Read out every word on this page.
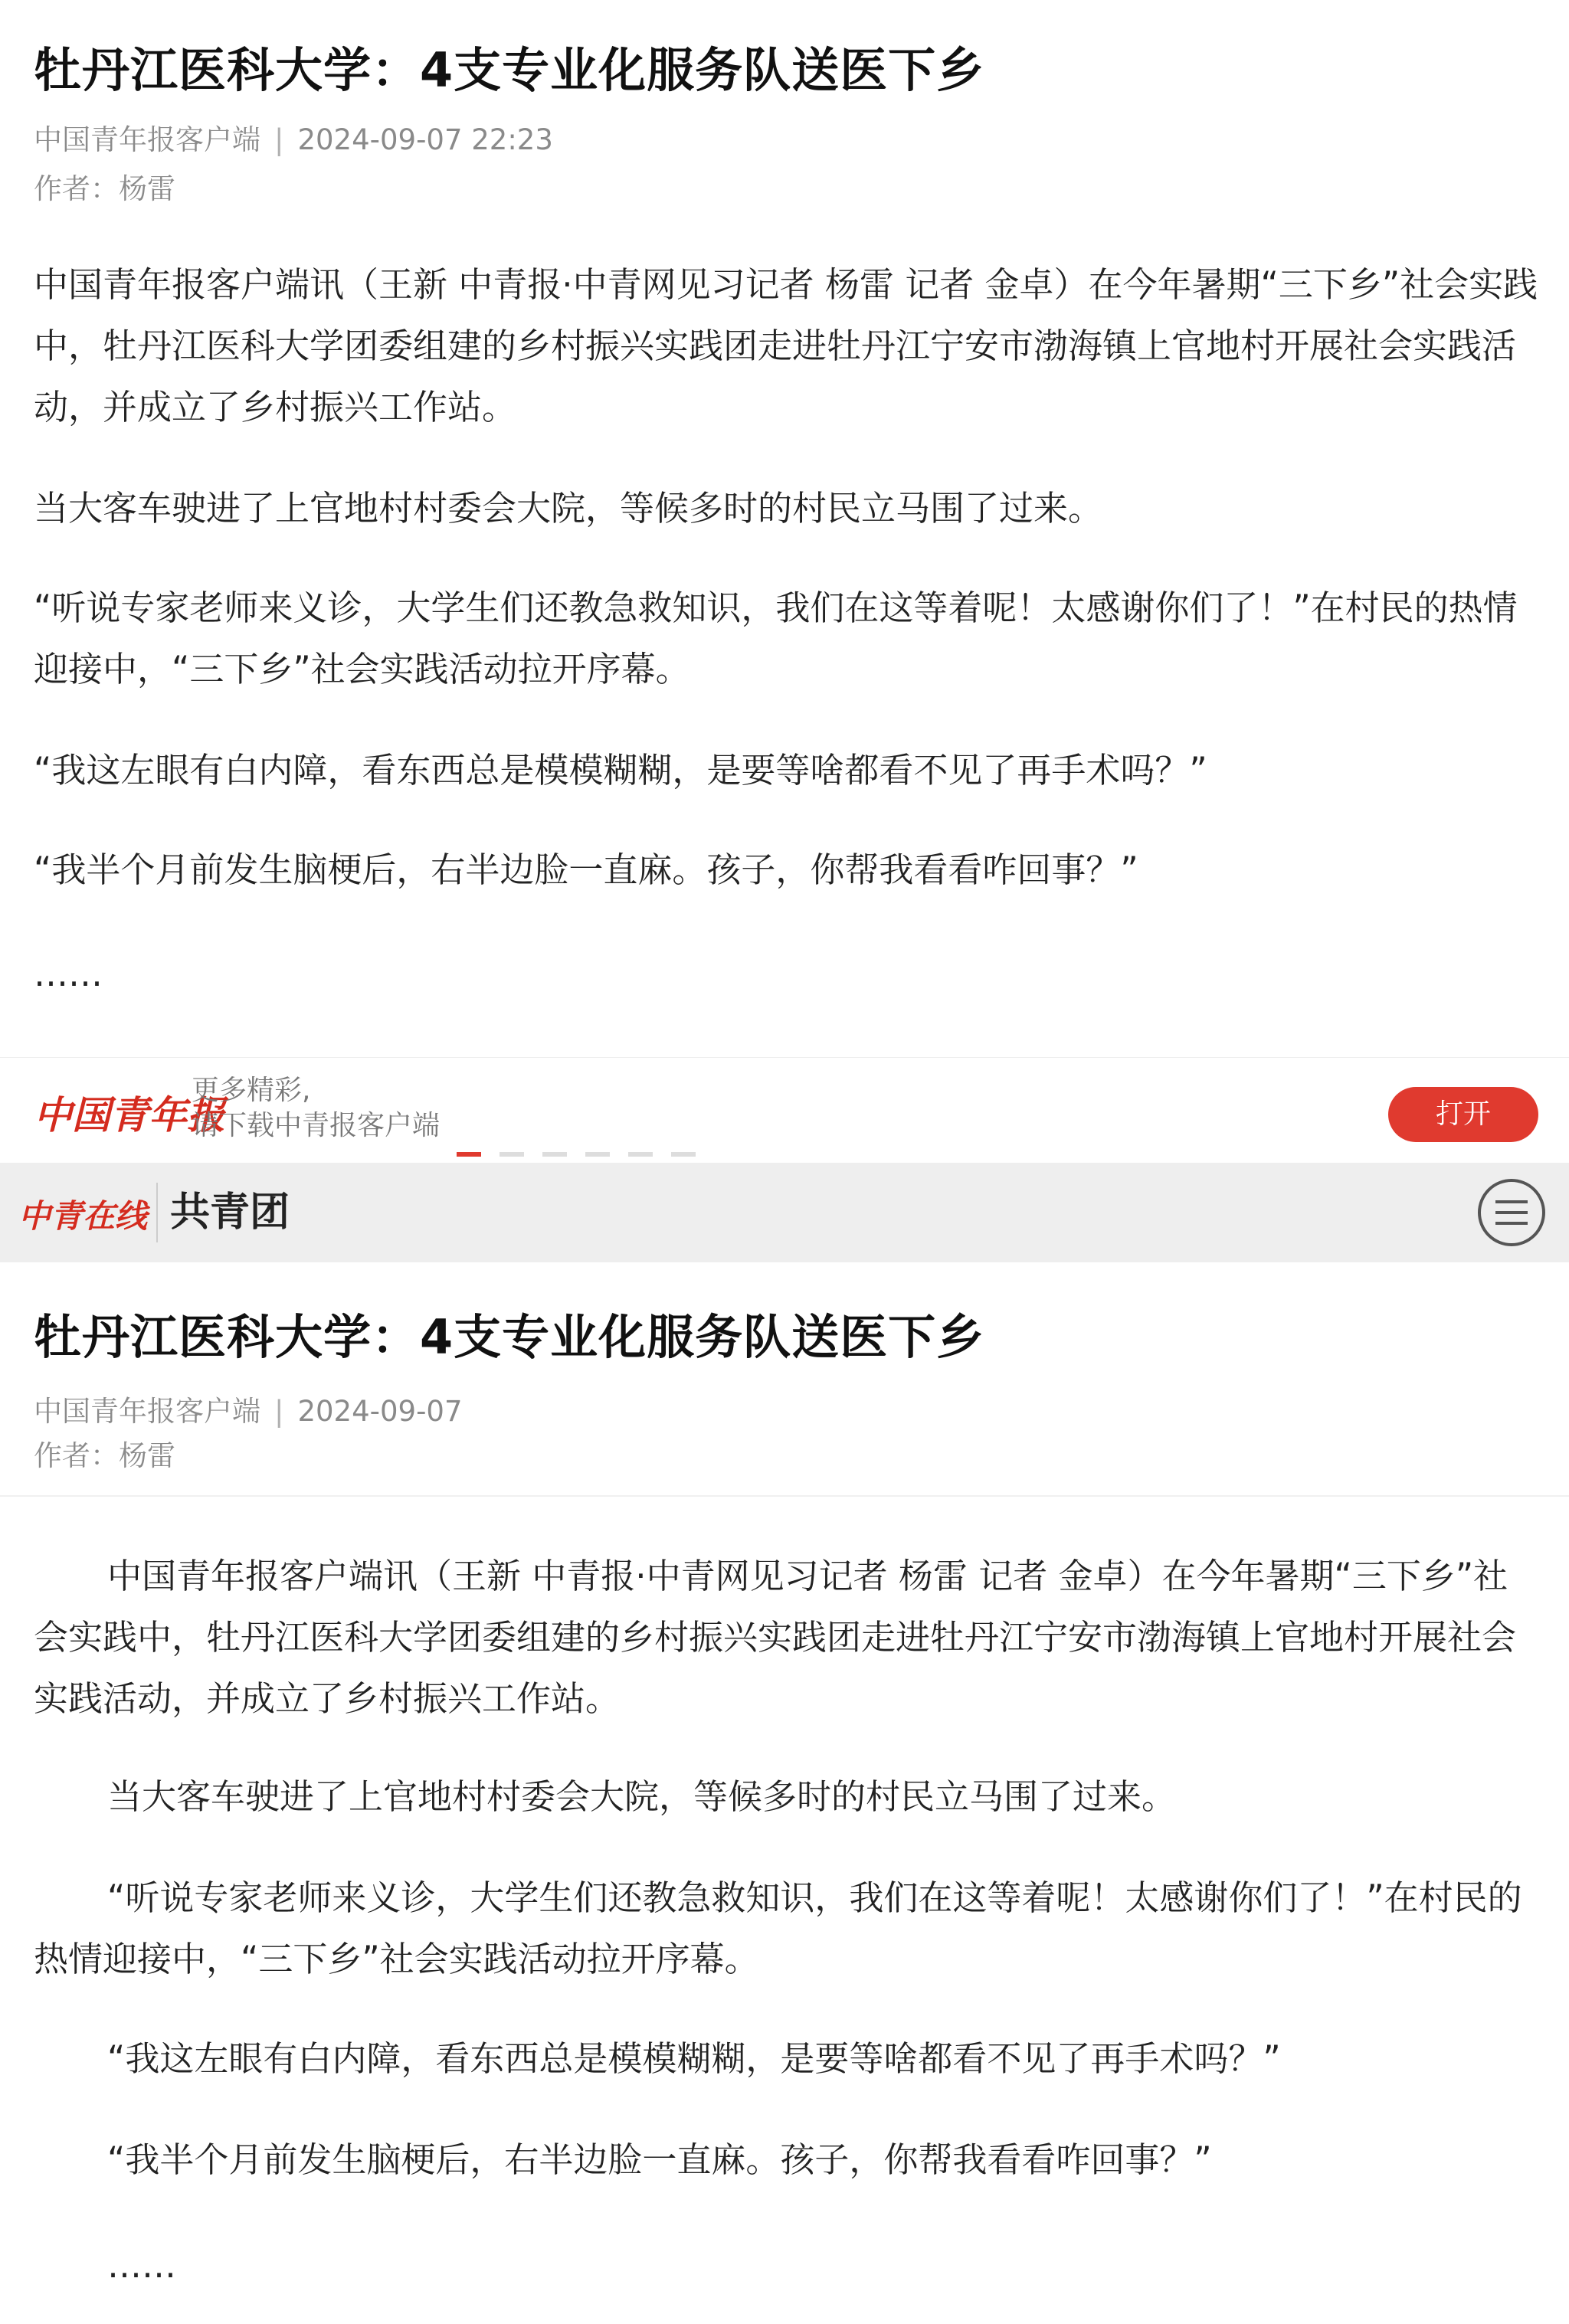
牡丹江医科大学：4支专业化服务队送医下乡
中国青年报客户端 | 2024-09-07 22:23
作者：杨雷

中国青年报客户端讯（王新 中青报·中青网见习记者 杨雷 记者 金卓）在今年暑期“三下乡”社会实践中，牡丹江医科大学团委组建的乡村振兴实践团走进牡丹江宁安市渤海镇上官地村开展社会实践活动，并成立了乡村振兴工作站。

当大客车驶进了上官地村村委会大院，等候多时的村民立马围了过来。

“听说专家老师来义诊，大学生们还教急救知识，我们在这等着呢！太感谢你们了！”在村民的热情迎接中，“三下乡”社会实践活动拉开序幕。

“我这左眼有白内障，看东西总是模模糊糊，是要等啥都看不见了再手术吗？”

“我半个月前发生脑梗后，右半边脸一直麻。孩子，你帮我看看咋回事？”

……

中国青年报
更多精彩,
请下载中青报客户端	打开
中青在线 共青团
牡丹江医科大学：4支专业化服务队送医下乡
中国青年报客户端 | 2024-09-07
作者：杨雷

中国青年报客户端讯（王新 中青报·中青网见习记者 杨雷 记者 金卓）在今年暑期“三下乡”社会实践中，牡丹江医科大学团委组建的乡村振兴实践团走进牡丹江宁安市渤海镇上官地村开展社会实践活动，并成立了乡村振兴工作站。

当大客车驶进了上官地村村委会大院，等候多时的村民立马围了过来。

“听说专家老师来义诊，大学生们还教急救知识，我们在这等着呢！太感谢你们了！”在村民的热情迎接中，“三下乡”社会实践活动拉开序幕。

“我这左眼有白内障，看东西总是模模糊糊，是要等啥都看不见了再手术吗？”

“我半个月前发生脑梗后，右半边脸一直麻。孩子，你帮我看看咋回事？”

……
